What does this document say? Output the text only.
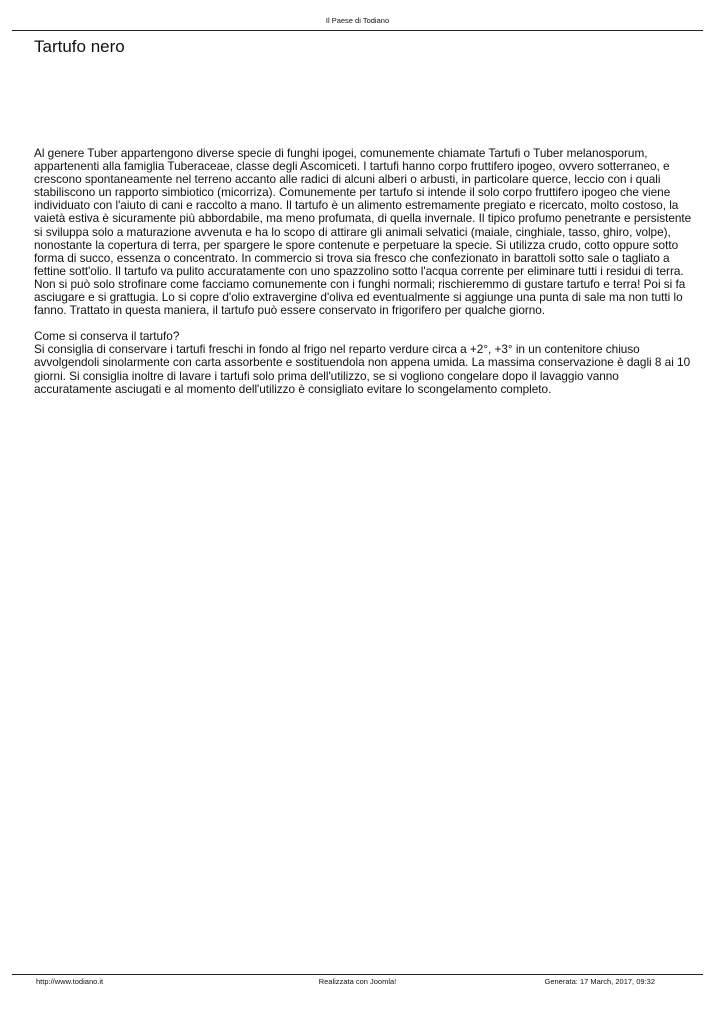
Il Paese di Todiano
Tartufo nero

Al genere Tuber appartengono diverse specie di funghi ipogei, comunemente chiamate Tartufi o Tuber melanosporum, appartenenti alla famiglia Tuberaceae, classe degli Ascomiceti. I tartufi hanno corpo fruttifero ipogeo, ovvero sotterraneo, e crescono spontaneamente nel terreno accanto alle radici di alcuni alberi o arbusti, in particolare querce, leccio con i quali stabiliscono un rapporto simbiotico (micorriza). Comunemente per tartufo si intende il solo corpo fruttifero ipogeo che viene individuato con l'aiuto di cani e raccolto a mano. Il tartufo è un alimento estremamente pregiato e ricercato, molto costoso, la vaietà estiva è sicuramente più abbordabile, ma meno profumata, di quella invernale. Il tipico profumo penetrante e persistente si sviluppa solo a maturazione avvenuta e ha lo scopo di attirare gli animali selvatici (maiale, cinghiale, tasso, ghiro, volpe), nonostante la copertura di terra, per spargere le spore contenute e perpetuare la specie. Si utilizza crudo, cotto oppure sotto forma di succo, essenza o concentrato. In commercio si trova sia fresco che confezionato in barattoli sotto sale o tagliato a fettine sott'olio. Il tartufo va pulito accuratamente con uno spazzolino sotto l'acqua corrente per eliminare tutti i residui di terra. Non si può solo strofinare come facciamo comunemente con i funghi normali; rischieremmo di gustare tartufo e terra! Poi si fa asciugare e si grattugia. Lo si copre d'olio extravergine d'oliva ed eventualmente si aggiunge una punta di sale ma non tutti lo fanno. Trattato in questa maniera, il tartufo può essere conservato in frigorifero per qualche giorno.

Come si conserva il tartufo?

Si consiglia di conservare i tartufi freschi in fondo al frigo nel reparto verdure circa a +2°, +3° in un contenitore chiuso avvolgendoli sinolarmente con carta assorbente e sostituendola non appena umida. La massima conservazione è dagli 8 ai 10 giorni. Si consiglia inoltre di lavare i tartufi solo prima dell'utilizzo, se si vogliono congelare dopo il lavaggio vanno accuratamente asciugati e al momento dell'utilizzo è consigliato evitare lo scongelamento completo.

Realizzata con Joomla!
http://www.todiano.it	Generata: 17 March, 2017, 09:32
